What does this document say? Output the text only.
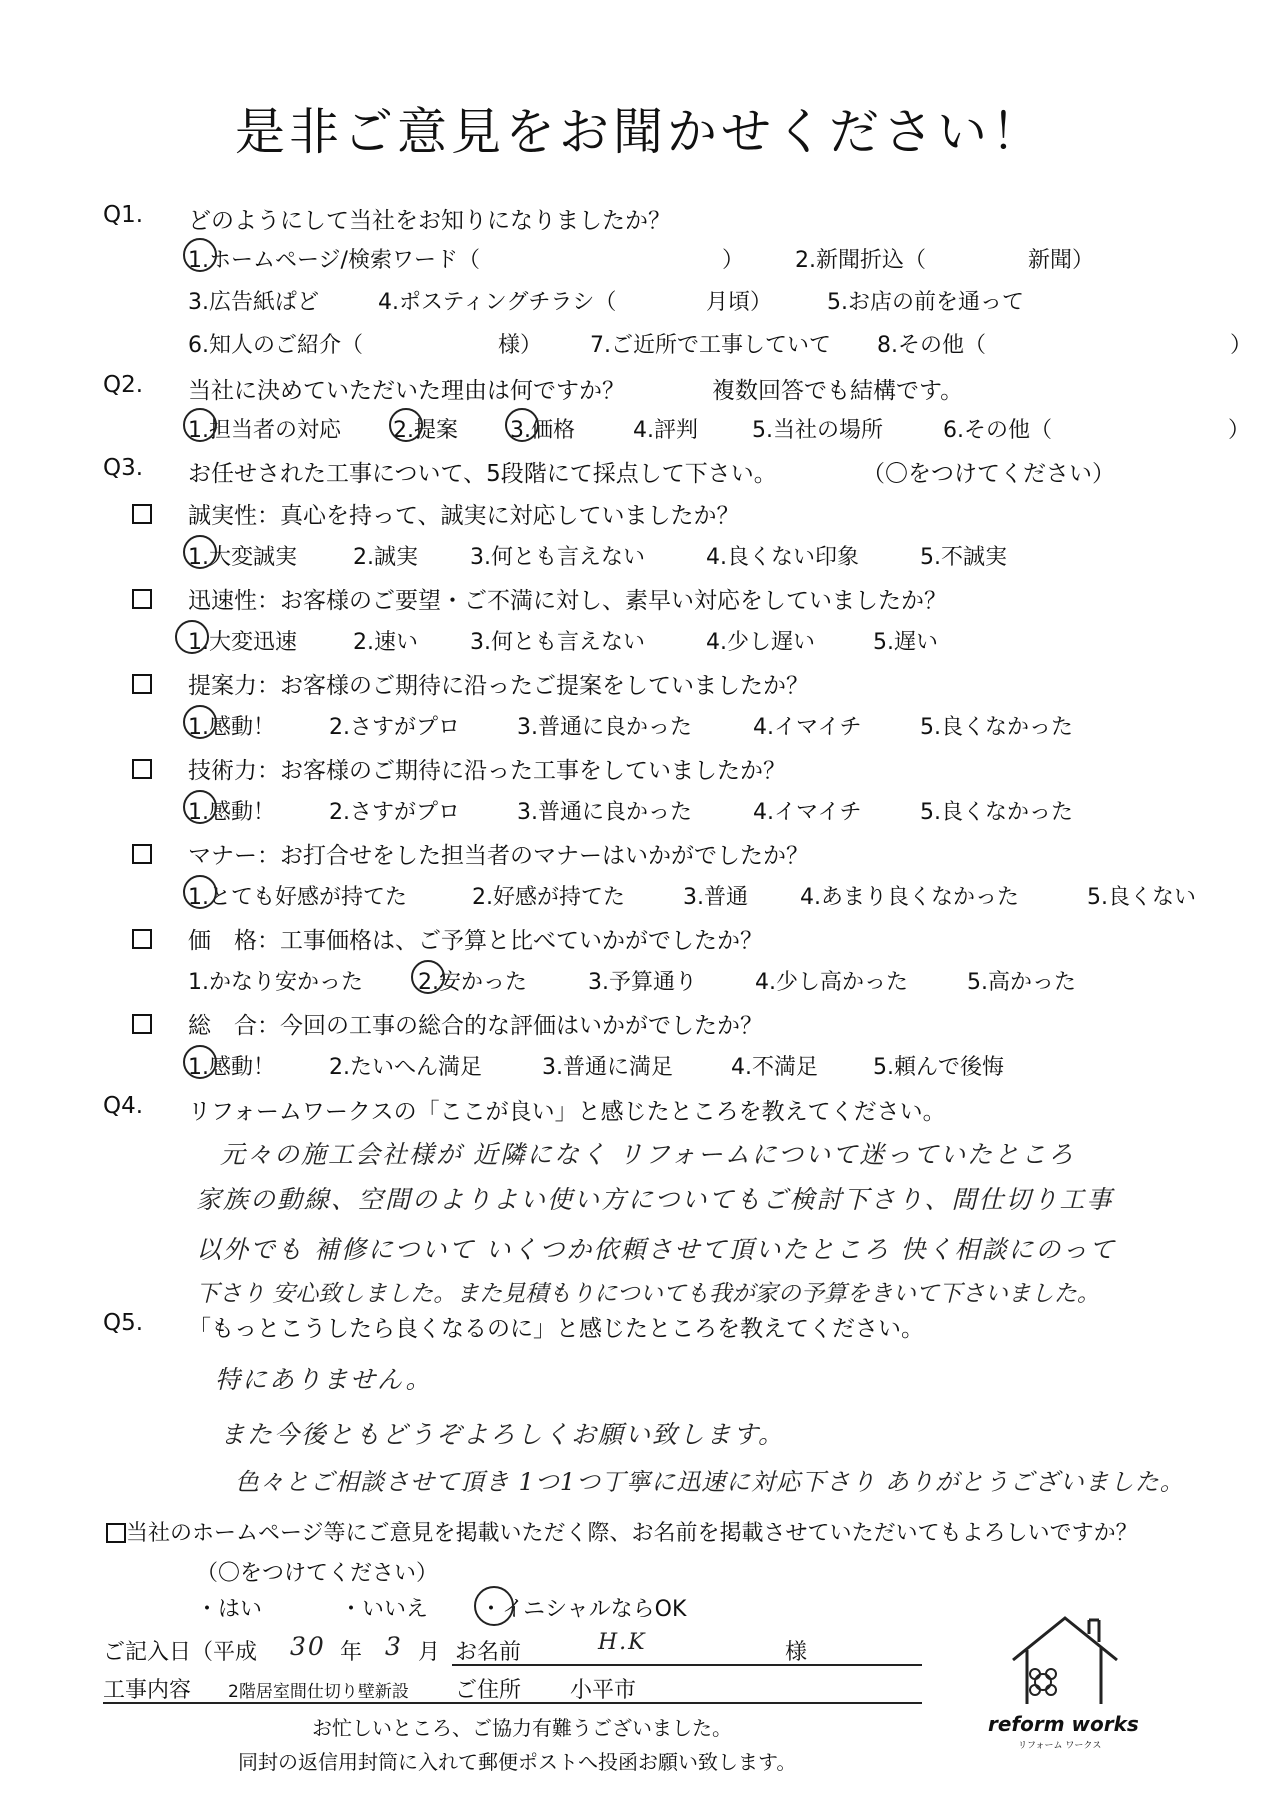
是非ご意見をお聞かせください！
Q1. どのようにして当社をお知りになりましたか？
1.ホームページ/検索ワード（	） 2.新聞折込（	新聞）
3.広告紙ぱど	4.ポスティングチラシ（	月頃） 5.お店の前を通って
6.知人のご紹介（	様） 7.ご近所で工事していて 8.その他（	）
Q2. 当社に決めていただいた理由は何ですか？	複数回答でも結構です。
1.担当者の対応 2.提案 3.価格	4.評判 5.当社の場所	6.その他（	）
Q3. お任せされた工事について、5段階にて採点して下さい。	（〇をつけてください）
誠実性：真心を持って、誠実に対応していましたか？
1.大変誠実	2.誠実 3.何とも言えない	4.良くない印象	5.不誠実
迅速性：お客様のご要望・ご不満に対し、素早い対応をしていましたか？
1.大変迅速	2.速い 3.何とも言えない	4.少し遅い	5.遅い
提案力：お客様のご期待に沿ったご提案をしていましたか？
1.感動！ 2.さすがプロ	3.普通に良かった	4.イマイチ	5.良くなかった
技術力：お客様のご期待に沿った工事をしていましたか？
1.感動！ 2.さすがプロ	3.普通に良かった	4.イマイチ	5.良くなかった
マナー：お打合せをした担当者のマナーはいかがでしたか？
1.とても好感が持てた	2.好感が持てた	3.普通 4.あまり良くなかった	5.良くない
価　格：工事価格は、ご予算と比べていかがでしたか？
1.かなり安かった	2.安かった	3.予算通り	4.少し高かった	5.高かった
総　合：今回の工事の総合的な評価はいかがでしたか？
1.感動！ 2.たいへん満足	3.普通に満足	4.不満足	5.頼んで後悔
Q4. リフォームワークスの「ここが良い」と感じたところを教えてください。
元々の施工会社様が 近隣になく リフォームについて迷っていたところ
家族の動線、空間のよりよい使い方についてもご検討下さり、間仕切り工事
以外でも 補修について いくつか依頼させて頂いたところ 快く相談にのって
下さり 安心致しました。また見積もりについても我が家の予算をきいて下さいました。
Q5. 「もっとこうしたら良くなるのに」と感じたところを教えてください。
特にありません。
また今後ともどうぞよろしくお願い致します。
色々とご相談させて頂き 1つ1つ丁寧に迅速に対応下さり ありがとうございました。
当社のホームページ等にご意見を掲載いただく際、お名前を掲載させていただいてもよろしいですか？
（〇をつけてください）
・はい	・いいえ ・イニシャルならOK
ご記入日（平成 30 年 3 月 お名前	H.K	様
工事内容 2階居室間仕切り壁新設 ご住所 小平市
お忙しいところ、ご協力有難うございました。
同封の返信用封筒に入れて郵便ポストへ投函お願い致します。
reform works
リフォーム ワークス
